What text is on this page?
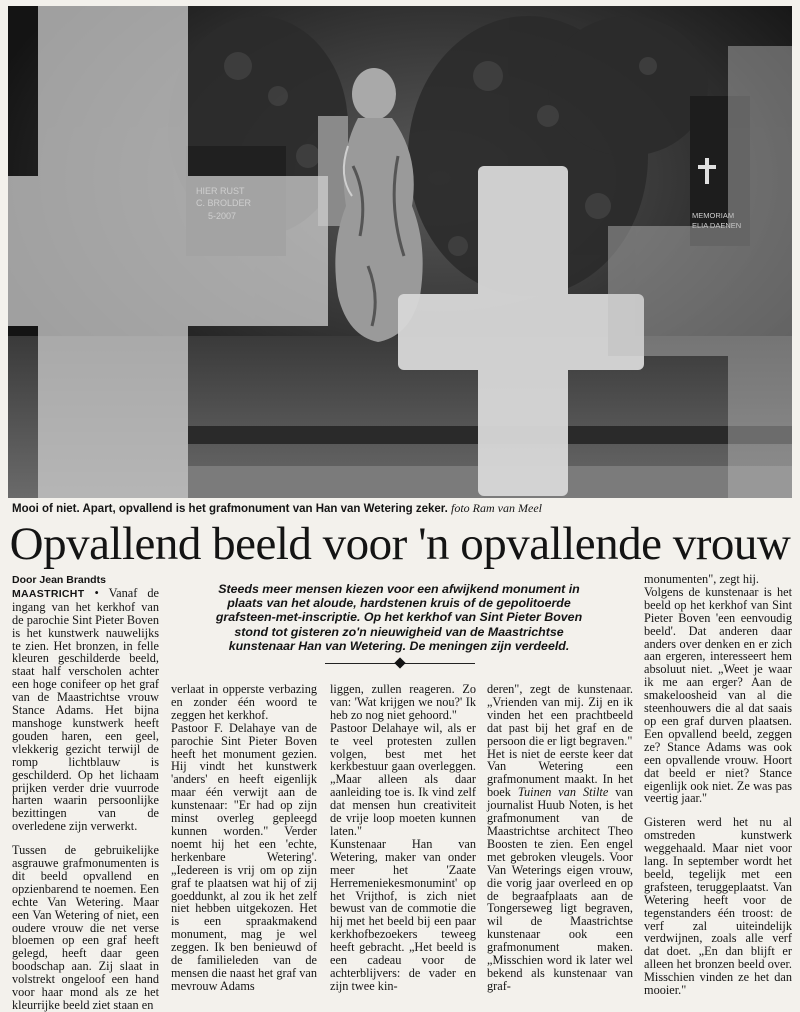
MEMORIAM
ELIA DAENEN
Mooi of niet. Apart, opvallend is het grafmonument van Han van Wetering zeker. foto Ram van Meel
Opvallend beeld voor 'n opvallende vrouw
Steeds meer mensen kiezen voor een afwijkend monument in plaats van het aloude, hardstenen kruis of de gepolitoerde grafsteen-met-inscriptie. Op het kerkhof van Sint Pieter Boven stond tot gisteren zo'n nieuwigheid van de Maastrichtse kunstenaar Han van Wetering. De meningen zijn verdeeld.

Door Jean Brandts

MAASTRICHT • Vanaf de ingang van het kerkhof van de parochie Sint Pieter Boven is het kunstwerk nauwelijks te zien. Het bronzen, in felle kleuren geschilderde beeld, staat half verscholen achter een hoge conifeer op het graf van de Maastrichtse vrouw Stance Adams. Het bijna manshoge kunstwerk heeft gouden haren, een geel, vlekkerig gezicht terwijl de romp lichtblauw is geschilderd. Op het lichaam prijken verder drie vuurrode harten waarin persoonlijke bezittingen van de overledene zijn verwerkt.

Tussen de gebruikelijke asgrauwe grafmonumenten is dit beeld opvallend en opzienbarend te noemen. Een echte Van Wetering. Maar een Van Wetering of niet, een oudere vrouw die net verse bloemen op een graf heeft gelegd, heeft daar geen boodschap aan. Zij slaat in volstrekt ongeloof een hand voor haar mond als ze het kleurrijke beeld ziet staan en

verlaat in opperste verbazing en zonder één woord te zeggen het kerkhof.

Pastoor F. Delahaye van de parochie Sint Pieter Boven heeft het monument gezien. Hij vindt het kunstwerk 'anders' en heeft eigenlijk maar één verwijt aan de kunstenaar: "Er had op zijn minst overleg gepleegd kunnen worden." Verder noemt hij het een 'echte, herkenbare Wetering'. „Iedereen is vrij om op zijn graf te plaatsen wat hij of zij goeddunkt, al zou ik het zelf niet hebben uitgekozen. Het is een spraakmakend monument, mag je wel zeggen. Ik ben benieuwd of de familieleden van de mensen die naast het graf van mevrouw Adams

liggen, zullen reageren. Zo van: 'Wat krijgen we nou?' Ik heb zo nog niet gehoord."

Pastoor Delahaye wil, als er te veel protesten zullen volgen, best met het kerkbestuur gaan overleggen. „Maar alleen als daar aanleiding toe is. Ik vind zelf dat mensen hun creativiteit de vrije loop moeten kunnen laten."

Kunstenaar Han van Wetering, maker van onder meer het 'Zaate Herremeniekesmonumint' op het Vrijthof, is zich niet bewust van de commotie die hij met het beeld bij een paar kerkhofbezoekers teweeg heeft gebracht. „Het beeld is een cadeau voor de achterblijvers: de vader en zijn twee kin-

deren", zegt de kunstenaar. „Vrienden van mij. Zij en ik vinden het een prachtbeeld dat past bij het graf en de persoon die er ligt begraven."

Het is niet de eerste keer dat Van Wetering een grafmonument maakt. In het boek Tuinen van Stilte van journalist Huub Noten, is het grafmonument van de Maastrichtse architect Theo Boosten te zien. Een engel met gebroken vleugels. Voor Van Weterings eigen vrouw, die vorig jaar overleed en op de begraafplaats aan de Tongerseweg ligt begraven, wil de Maastrichtse kunstenaar ook een grafmonument maken. „Misschien word ik later wel bekend als kunstenaar van graf-

monumenten", zegt hij.

Volgens de kunstenaar is het beeld op het kerkhof van Sint Pieter Boven 'een eenvoudig beeld'. Dat anderen daar anders over denken en er zich aan ergeren, interesseert hem absoluut niet. „Weet je waar ik me aan erger? Aan de smakeloosheid van al die steenhouwers die al dat saais op een graf durven plaatsen. Een opvallend beeld, zeggen ze? Stance Adams was ook een opvallende vrouw. Hoort dat beeld er niet? Stance eigenlijk ook niet. Ze was pas veertig jaar."

Gisteren werd het nu al omstreden kunstwerk weggehaald. Maar niet voor lang. In september wordt het beeld, tegelijk met een grafsteen, teruggeplaatst. Van Wetering heeft voor de tegenstanders één troost: de verf zal uiteindelijk verdwijnen, zoals alle verf dat doet. „En dan blijft er alleen het bronzen beeld over. Misschien vinden ze het dan mooier."
